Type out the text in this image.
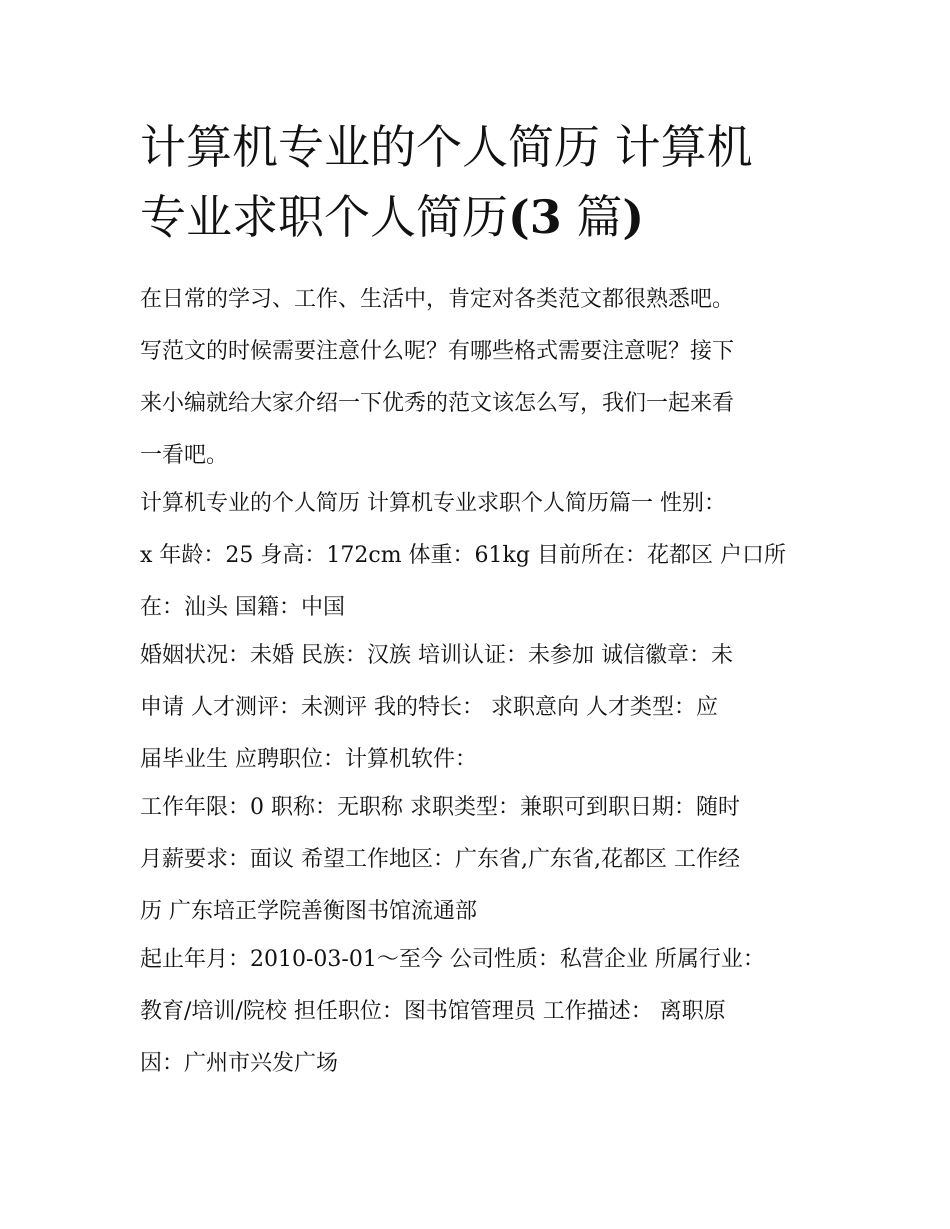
计算机专业的个人简历 计算机
专业求职个人简历(3 篇)

在日常的学习、工作、生活中，肯定对各类范文都很熟悉吧。
写范文的时候需要注意什么呢？有哪些格式需要注意呢？接下
来小编就给大家介绍一下优秀的范文该怎么写，我们一起来看
一看吧。

计算机专业的个人简历 计算机专业求职个人简历篇一 性别：
x 年龄：25 身高：172cm 体重：61kg 目前所在：花都区 户口所
在：汕头 国籍：中国

婚姻状况：未婚 民族：汉族 培训认证：未参加 诚信徽章：未
申请 人才测评：未测评 我的特长： 求职意向 人才类型：应
届毕业生 应聘职位：计算机软件：

工作年限：0 职称：无职称 求职类型：兼职可到职日期：随时
月薪要求：面议 希望工作地区：广东省,广东省,花都区 工作经
历 广东培正学院善衡图书馆流通部

起止年月：2010-03-01～至今 公司性质：私营企业 所属行业：
教育/培训/院校 担任职位：图书馆管理员 工作描述： 离职原
因：广州市兴发广场
